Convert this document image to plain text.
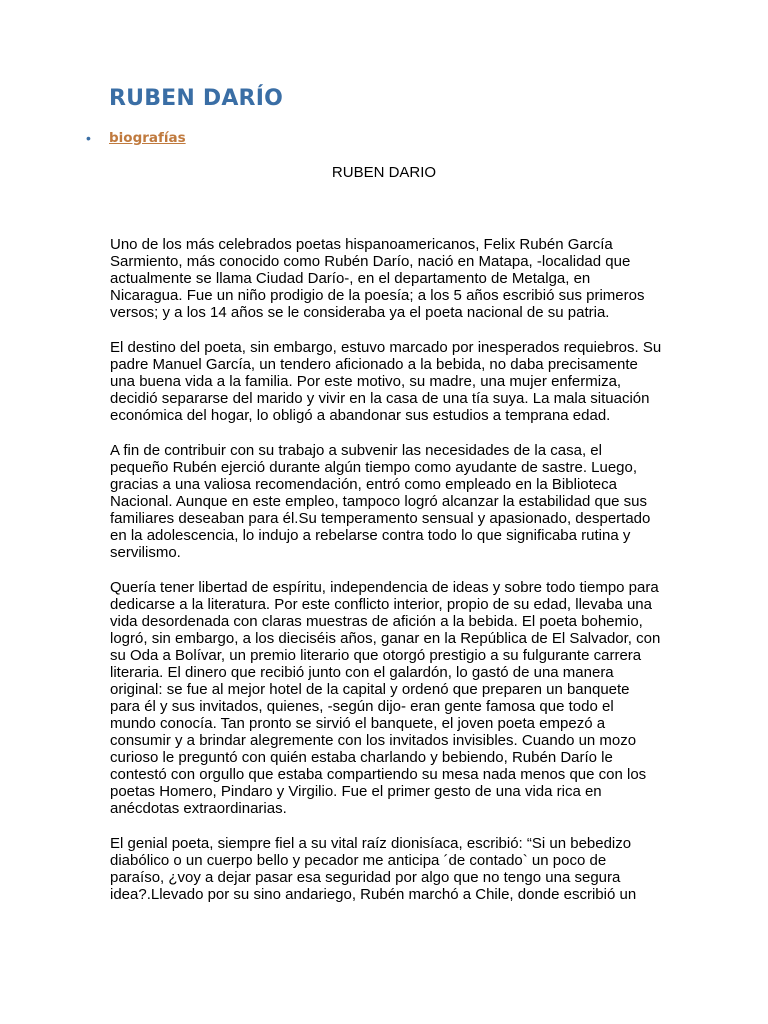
RUBEN DARÍO
• biografías

RUBEN DARIO

Uno de los más celebrados poetas hispanoamericanos, Felix Rubén García Sarmiento, más conocido como Rubén Darío, nació en Matapa, -localidad que actualmente se llama Ciudad Darío-, en el departamento de Metalga, en Nicaragua. Fue un niño prodigio de la poesía; a los 5 años escribió sus primeros versos; y a los 14 años se le consideraba ya el poeta nacional de su patria.

El destino del poeta, sin embargo, estuvo marcado por inesperados requiebros. Su padre Manuel García, un tendero aficionado a la bebida, no daba precisamente una buena vida a la familia. Por este motivo, su madre, una mujer enfermiza, decidió separarse del marido y vivir en la casa de una tía suya. La mala situación económica del hogar, lo obligó a abandonar sus estudios a temprana edad.

A fin de contribuir con su trabajo a subvenir las necesidades de la casa, el pequeño Rubén ejerció durante algún tiempo como ayudante de sastre. Luego, gracias a una valiosa recomendación, entró como empleado en la Biblioteca Nacional. Aunque en este empleo, tampoco logró alcanzar la estabilidad que sus familiares deseaban para él.Su temperamento sensual y apasionado, despertado en la adolescencia, lo indujo a rebelarse contra todo lo que significaba rutina y servilismo.

Quería tener libertad de espíritu, independencia de ideas y sobre todo tiempo para dedicarse a la literatura. Por este conflicto interior, propio de su edad, llevaba una vida desordenada con claras muestras de afición a la bebida. El poeta bohemio, logró, sin embargo, a los dieciséis años, ganar en la República de El Salvador, con su Oda a Bolívar, un premio literario que otorgó prestigio a su fulgurante carrera literaria. El dinero que recibió junto con el galardón, lo gastó de una manera original: se fue al mejor hotel de la capital y ordenó que preparen un banquete para él y sus invitados, quienes, -según dijo- eran gente famosa que todo el mundo conocía. Tan pronto se sirvió el banquete, el joven poeta empezó a consumir y a brindar alegremente con los invitados invisibles. Cuando un mozo curioso le preguntó con quién estaba charlando y bebiendo, Rubén Darío le contestó con orgullo que estaba compartiendo su mesa nada menos que con los poetas Homero, Pindaro y Virgilio. Fue el primer gesto de una vida rica en anécdotas extraordinarias.

El genial poeta, siempre fiel a su vital raíz dionisíaca, escribió: “Si un bebedizo diabólico o un cuerpo bello y pecador me anticipa ´de contado` un poco de paraíso, ¿voy a dejar pasar esa seguridad por algo que no tengo una segura idea?.Llevado por su sino andariego, Rubén marchó a Chile, donde escribió un
